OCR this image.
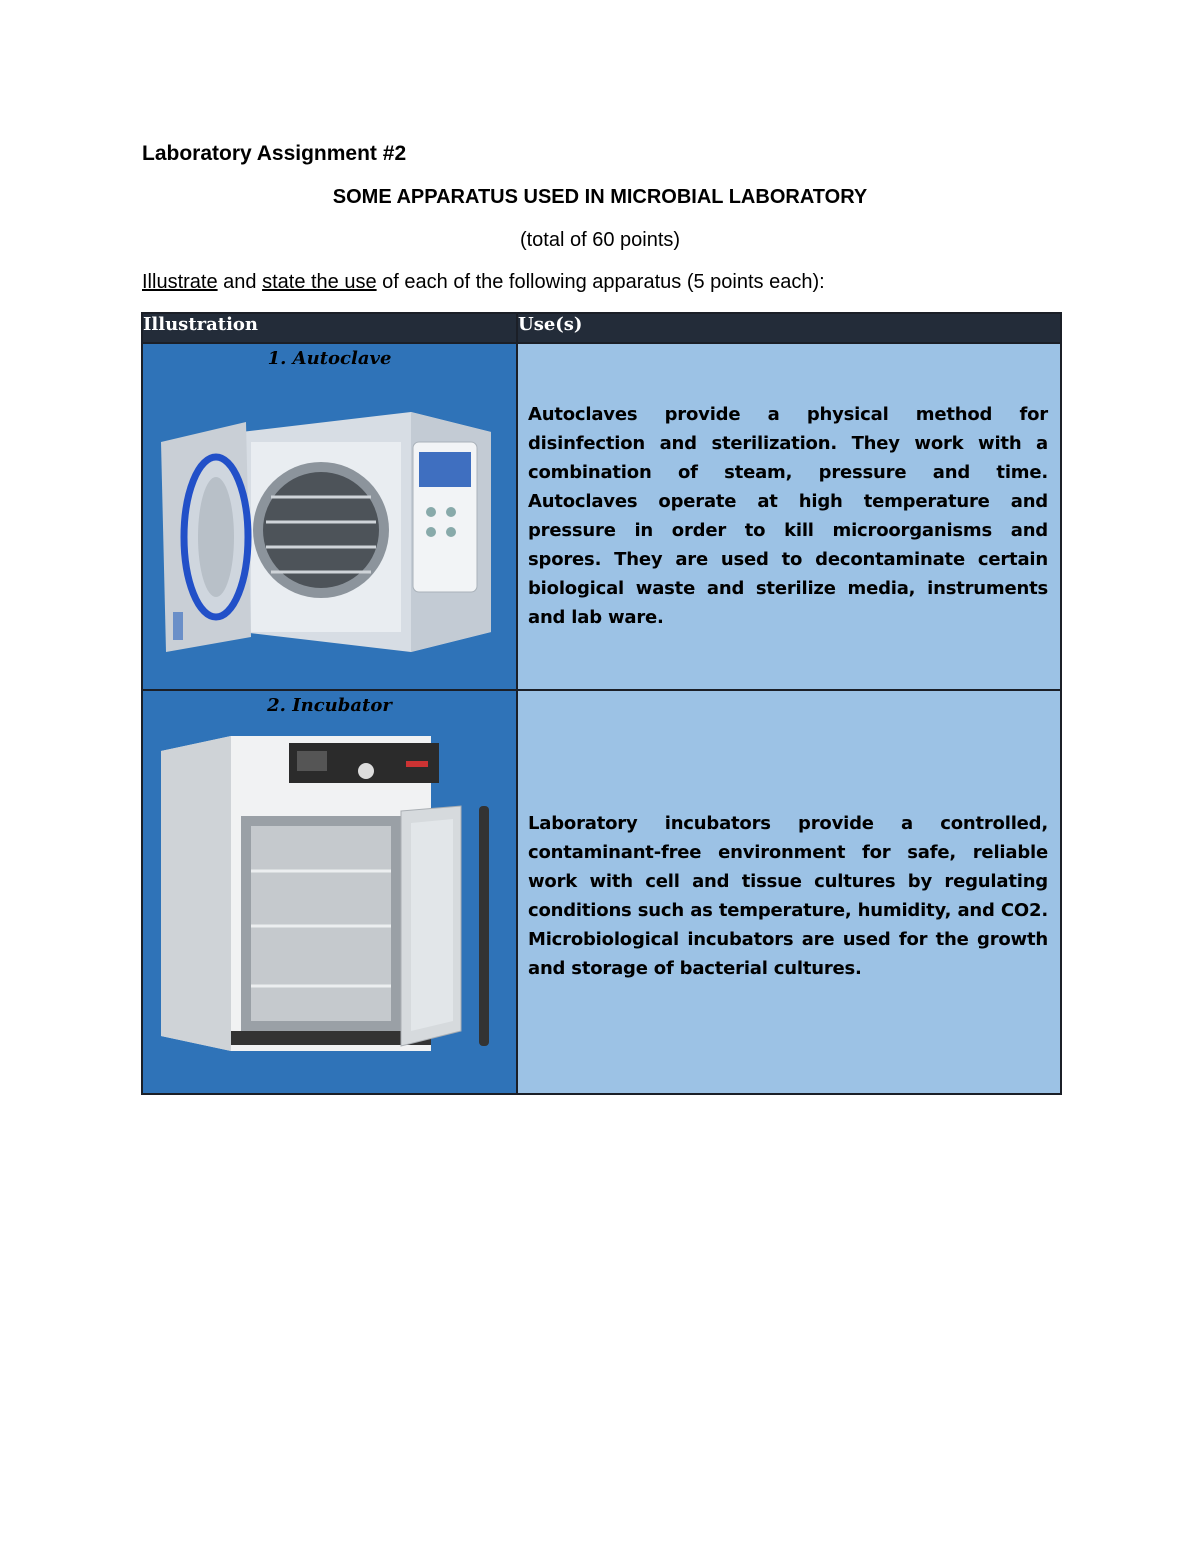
Laboratory Assignment #2
SOME APPARATUS USED IN MICROBIAL LABORATORY
(total of 60 points)
Illustrate and state the use of each of the following apparatus (5 points each):
Illustration	Use(s)

1. Autoclave	Autoclaves provide a physical method for disinfection and sterilization. They work with a combination of steam, pressure and time. Autoclaves operate at high temperature and pressure in order to kill microorganisms and spores. They are used to decontaminate certain biological waste and sterilize media, instruments and lab ware.

2. Incubator	Laboratory incubators provide a controlled, contaminant-free environment for safe, reliable work with cell and tissue cultures by regulating conditions such as temperature, humidity, and CO2. Microbiological incubators are used for the growth and storage of bacterial cultures.
